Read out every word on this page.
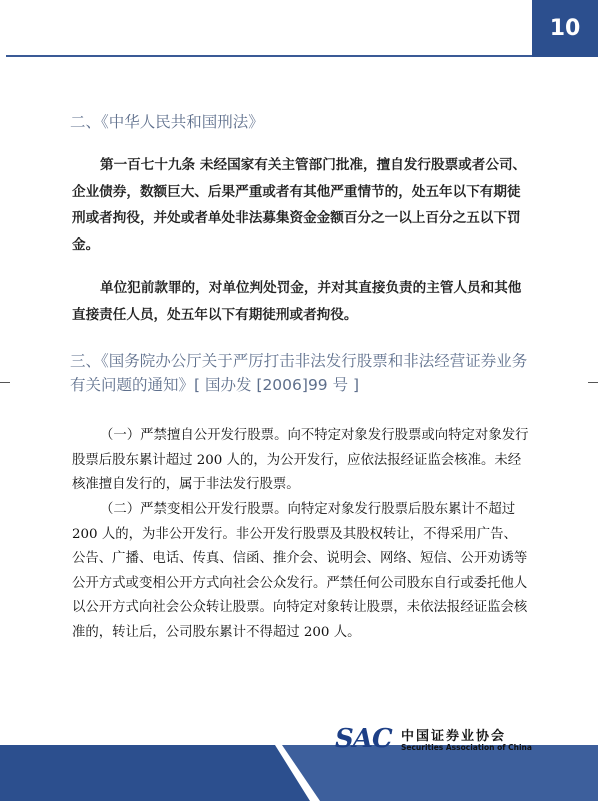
10
二、《中华人民共和国刑法》
第一百七十九条 未经国家有关主管部门批准，擅自发行股票或者公司、企业债券，数额巨大、后果严重或者有其他严重情节的，处五年以下有期徒刑或者拘役，并处或者单处非法募集资金金额百分之一以上百分之五以下罚金。
单位犯前款罪的，对单位判处罚金，并对其直接负责的主管人员和其他直接责任人员，处五年以下有期徒刑或者拘役。
三、《国务院办公厅关于严厉打击非法发行股票和非法经营证券业务有关问题的通知》[ 国办发 [2006]99 号 ]
（一）严禁擅自公开发行股票。向不特定对象发行股票或向特定对象发行股票后股东累计超过 200 人的，为公开发行，应依法报经证监会核准。未经核准擅自发行的，属于非法发行股票。
（二）严禁变相公开发行股票。向特定对象发行股票后股东累计不超过 200 人的，为非公开发行。非公开发行股票及其股权转让，不得采用广告、公告、广播、电话、传真、信函、推介会、说明会、网络、短信、公开劝诱等公开方式或变相公开方式向社会公众发行。严禁任何公司股东自行或委托他人以公开方式向社会公众转让股票。向特定对象转让股票，未依法报经证监会核准的，转让后，公司股东累计不得超过 200 人。
SAC 中国证券业协会
Securities Association of China
